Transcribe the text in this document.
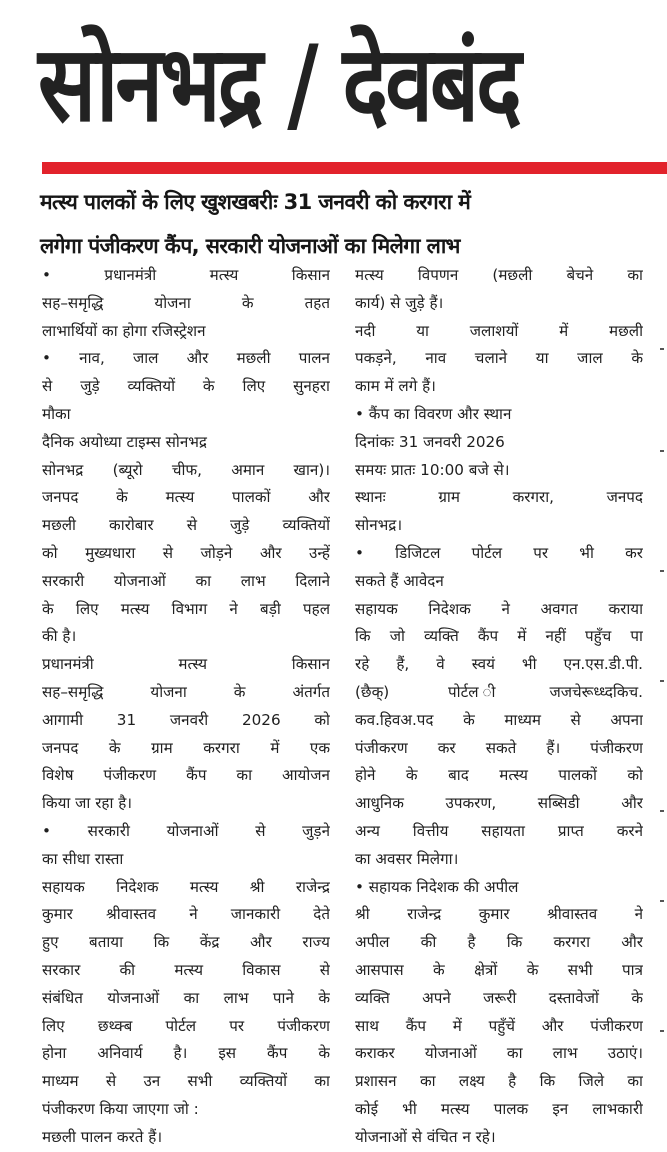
सोनभद्र / देवबंद
मत्स्य पालकों के लिए खुशखबरीः 31 जनवरी को करगरा में
लगेगा पंजीकरण कैंप, सरकारी योजनाओं का मिलेगा लाभ
• प्रधानमंत्री मत्स्य किसान
सह–समृद्धि योजना के तहत
लाभार्थियों का होगा रजिस्ट्रेशन
• नाव, जाल और मछली पालन
से जुड़े व्यक्तियों के लिए सुनहरा
मौका
दैनिक अयोध्या टाइम्स सोनभद्र
सोनभद्र (ब्यूरो चीफ, अमान खान)।
जनपद के मत्स्य पालकों और
मछली कारोबार से जुड़े व्यक्तियों
को मुख्यधारा से जोड़ने और उन्हें
सरकारी योजनाओं का लाभ दिलाने
के लिए मत्स्य विभाग ने बड़ी पहल
की है।
प्रधानमंत्री मत्स्य किसान
सह–समृद्धि योजना के अंतर्गत
आगामी 31 जनवरी 2026 को
जनपद के ग्राम करगरा में एक
विशेष पंजीकरण कैंप का आयोजन
किया जा रहा है।
• सरकारी योजनाओं से जुड़ने
का सीधा रास्ता
सहायक निदेशक मत्स्य श्री राजेन्द्र
कुमार श्रीवास्तव ने जानकारी देते
हुए बताया कि केंद्र और राज्य
सरकार की मत्स्य विकास से
संबंधित योजनाओं का लाभ पाने के
लिए छथ्क्ब पोर्टल पर पंजीकरण
होना अनिवार्य है। इस कैंप के
माध्यम से उन सभी व्यक्तियों का
पंजीकरण किया जाएगा जो :
मछली पालन करते हैं।
मत्स्य विपणन (मछली बेचने का
कार्य) से जुड़े हैं।
नदी या जलाशयों में मछली
पकड़ने, नाव चलाने या जाल के
काम में लगे हैं।
• कैंप का विवरण और स्थान
दिनांकः 31 जनवरी 2026
समयः प्रातः 10:00 बजे से।
स्थानः ग्राम करगरा, जनपद
सोनभद्र।
• डिजिटल पोर्टल पर भी कर
सकते हैं आवेदन
सहायक निदेशक ने अवगत कराया
कि जो व्यक्ति कैंप में नहीं पहुँच पा
रहे हैं, वे स्वयं भी एन.एस.डी.पी.
(छैक्) पोर्टल ीजजचेरूध्ध्दकिच.
कव.हिवअ.पद के माध्यम से अपना
पंजीकरण कर सकते हैं। पंजीकरण
होने के बाद मत्स्य पालकों को
आधुनिक उपकरण, सब्सिडी और
अन्य वित्तीय सहायता प्राप्त करने
का अवसर मिलेगा।
• सहायक निदेशक की अपील
श्री राजेन्द्र कुमार श्रीवास्तव ने
अपील की है कि करगरा और
आसपास के क्षेत्रों के सभी पात्र
व्यक्ति अपने जरूरी दस्तावेजों के
साथ कैंप में पहुँचें और पंजीकरण
कराकर योजनाओं का लाभ उठाएं।
प्रशासन का लक्ष्य है कि जिले का
कोई भी मत्स्य पालक इन लाभकारी
योजनाओं से वंचित न रहे।
